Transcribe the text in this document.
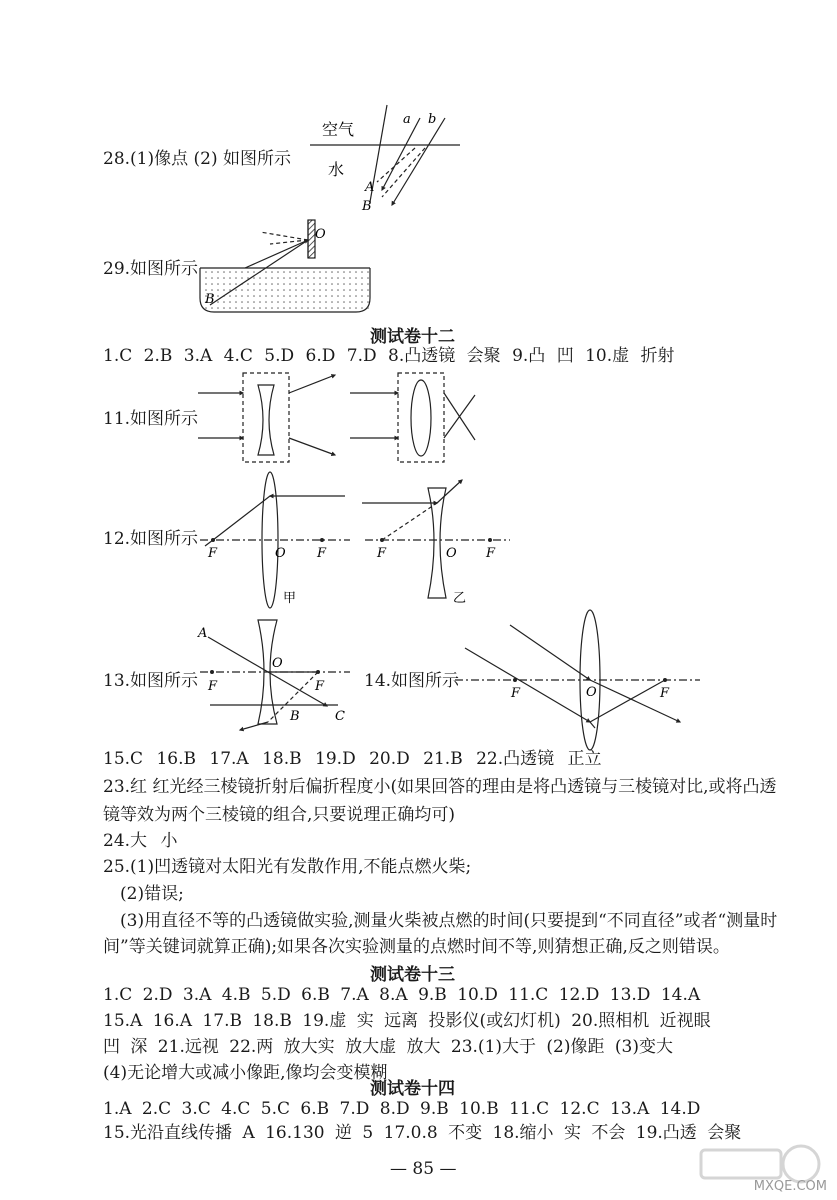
28.(1)像点 (2) 如图所示
29.如图所示
测试卷十二
1.C 2.B 3.A 4.C 5.D 6.D 7.D 8.凸透镜 会聚 9.凸 凹 10.虚 折射
11.如图所示
12.如图所示
13.如图所示	14.如图所示
15.C 16.B 17.A 18.B 19.D 20.D 21.B 22.凸透镜 正立
23.红 红光经三棱镜折射后偏折程度小(如果回答的理由是将凸透镜与三棱镜对比,或将凸透
镜等效为两个三棱镜的组合,只要说理正确均可)
24.大 小
25.(1)凹透镜对太阳光有发散作用,不能点燃火柴;
(2)错误;
(3)用直径不等的凸透镜做实验,测量火柴被点燃的时间(只要提到“不同直径”或者“测量时
间”等关键词就算正确);如果各次实验测量的点燃时间不等,则猜想正确,反之则错误。
测试卷十三
1.C 2.D 3.A 4.B 5.D 6.B 7.A 8.A 9.B 10.D 11.C 12.D 13.D 14.A
15.A 16.A 17.B 18.B 19.虚 实 远离 投影仪(或幻灯机) 20.照相机 近视眼
凹 深 21.远视 22.两 放大实 放大虚 放大 23.(1)大于 (2)像距 (3)变大
(4)无论增大或减小像距,像均会变模糊
测试卷十四
1.A 2.C 3.C 4.C 5.C 6.B 7.D 8.D 9.B 10.B 11.C 12.C 13.A 14.D
15.光沿直线传播 A 16.130 逆 5 17.0.8 不变 18.缩小 实 不会 19.凸透 会聚
— 85 —
空气
水
a b
A
B
O
B
F	O F
甲
F	O F
乙
A
O
F	F
B	C
F	O	F
MXQE.COM
